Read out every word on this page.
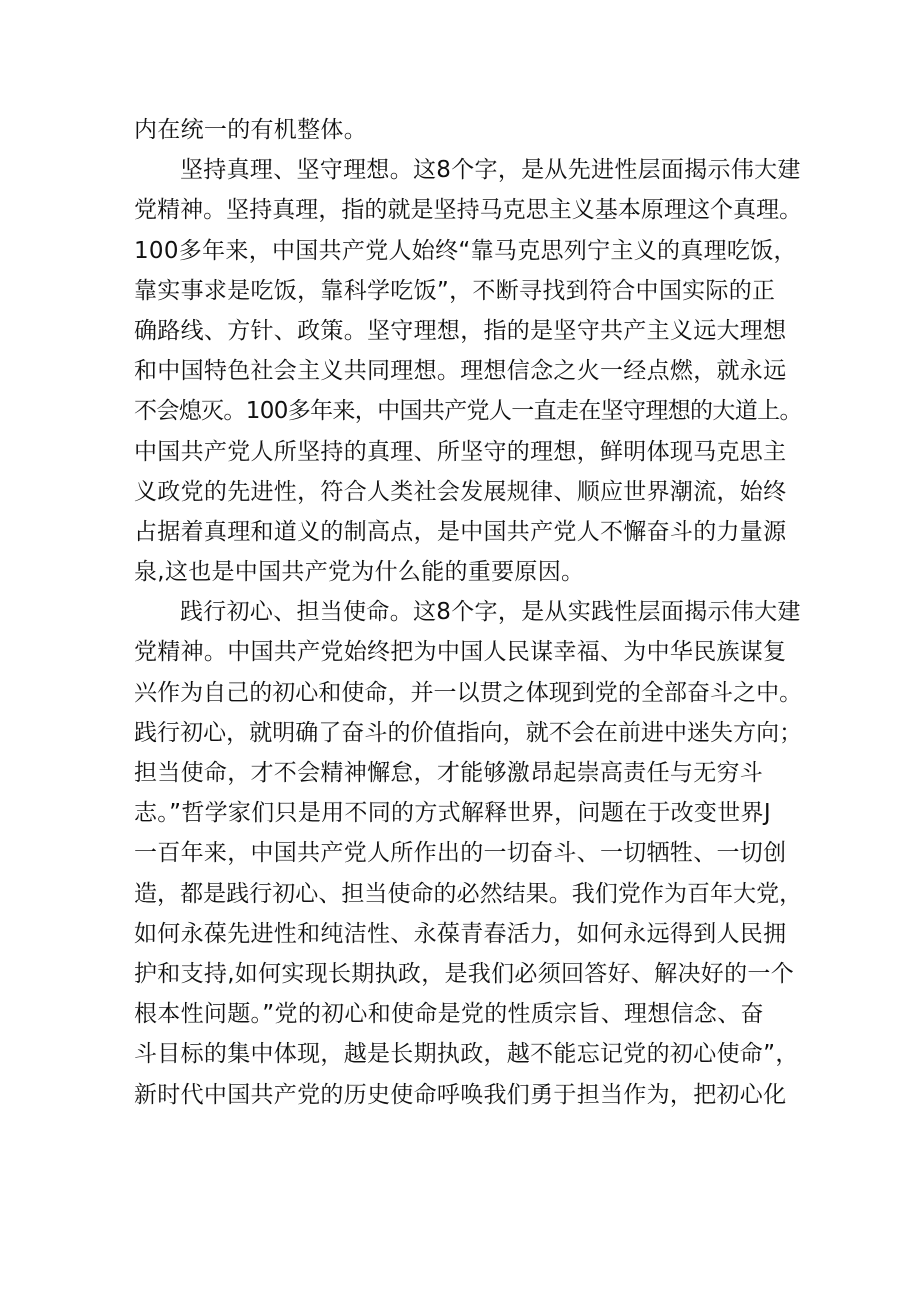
内在统一的有机整体。
坚持真理、坚守理想。这8个字，是从先进性层面揭示伟大建
党精神。坚持真理，指的就是坚持马克思主义基本原理这个真理。
100多年来，中国共产党人始终“靠马克思列宁主义的真理吃饭，
靠实事求是吃饭，靠科学吃饭”，不断寻找到符合中国实际的正
确路线、方针、政策。坚守理想，指的是坚守共产主义远大理想
和中国特色社会主义共同理想。理想信念之火一经点燃，就永远
不会熄灭。100多年来，中国共产党人一直走在坚守理想的大道上。
中国共产党人所坚持的真理、所坚守的理想，鲜明体现马克思主
义政党的先进性，符合人类社会发展规律、顺应世界潮流，始终
占据着真理和道义的制高点，是中国共产党人不懈奋斗的力量源
泉,这也是中国共产党为什么能的重要原因。
践行初心、担当使命。这8个字，是从实践性层面揭示伟大建
党精神。中国共产党始终把为中国人民谋幸福、为中华民族谋复
兴作为自己的初心和使命，并一以贯之体现到党的全部奋斗之中。
践行初心，就明确了奋斗的价值指向，就不会在前进中迷失方向；
担当使命，才不会精神懈怠，才能够激昂起崇高责任与无穷斗
志。”哲学家们只是用不同的方式解释世界，问题在于改变世界J
一百年来，中国共产党人所作出的一切奋斗、一切牺牲、一切创
造，都是践行初心、担当使命的必然结果。我们党作为百年大党，
如何永葆先进性和纯洁性、永葆青春活力，如何永远得到人民拥
护和支持,如何实现长期执政，是我们必须回答好、解决好的一个
根本性问题。”党的初心和使命是党的性质宗旨、理想信念、奋
斗目标的集中体现，越是长期执政，越不能忘记党的初心使命”，
新时代中国共产党的历史使命呼唤我们勇于担当作为，把初心化
